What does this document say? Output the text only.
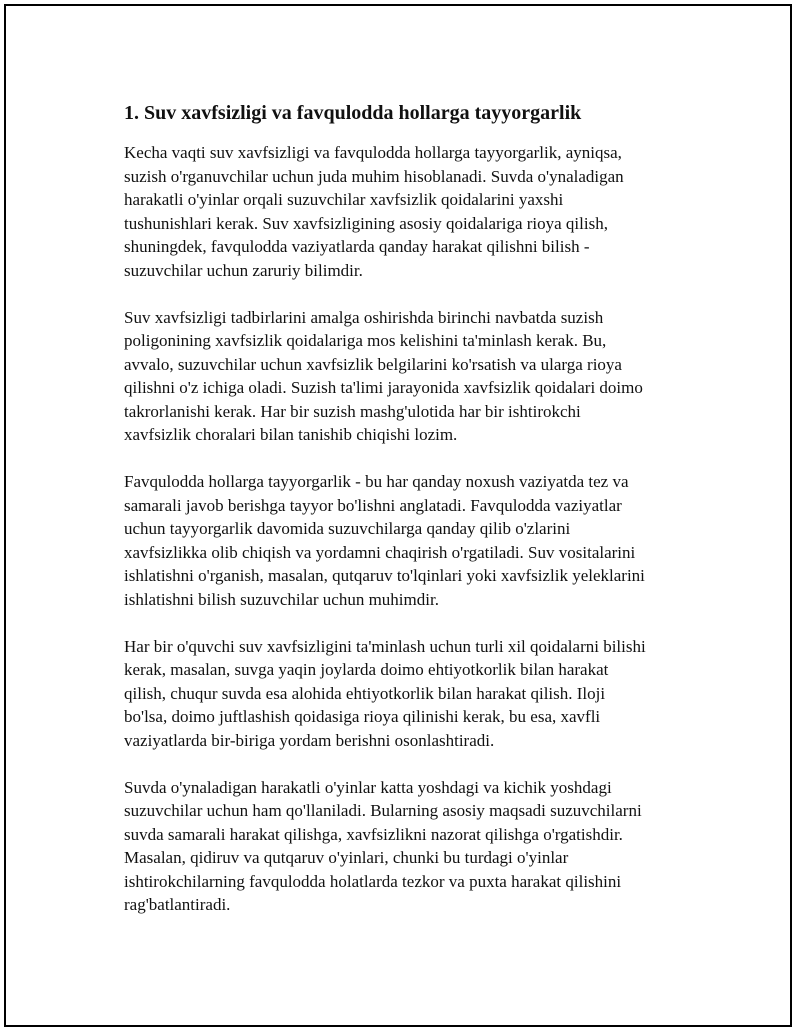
1. Suv xavfsizligi va favqulodda hollarga tayyorgarlik

Kecha vaqti suv xavfsizligi va favqulodda hollarga tayyorgarlik, ayniqsa,
suzish o'rganuvchilar uchun juda muhim hisoblanadi. Suvda o'ynaladigan
harakatli o'yinlar orqali suzuvchilar xavfsizlik qoidalarini yaxshi
tushunishlari kerak. Suv xavfsizligining asosiy qoidalariga rioya qilish,
shuningdek, favqulodda vaziyatlarda qanday harakat qilishni bilish -
suzuvchilar uchun zaruriy bilimdir.

Suv xavfsizligi tadbirlarini amalga oshirishda birinchi navbatda suzish
poligonining xavfsizlik qoidalariga mos kelishini ta'minlash kerak. Bu,
avvalo, suzuvchilar uchun xavfsizlik belgilarini ko'rsatish va ularga rioya
qilishni o'z ichiga oladi. Suzish ta'limi jarayonida xavfsizlik qoidalari doimo
takrorlanishi kerak. Har bir suzish mashg'ulotida har bir ishtirokchi
xavfsizlik choralari bilan tanishib chiqishi lozim.

Favqulodda hollarga tayyorgarlik - bu har qanday noxush vaziyatda tez va
samarali javob berishga tayyor bo'lishni anglatadi. Favqulodda vaziyatlar
uchun tayyorgarlik davomida suzuvchilarga qanday qilib o'zlarini
xavfsizlikka olib chiqish va yordamni chaqirish o'rgatiladi. Suv vositalarini
ishlatishni o'rganish, masalan, qutqaruv to'lqinlari yoki xavfsizlik yeleklarini
ishlatishni bilish suzuvchilar uchun muhimdir.

Har bir o'quvchi suv xavfsizligini ta'minlash uchun turli xil qoidalarni bilishi
kerak, masalan, suvga yaqin joylarda doimo ehtiyotkorlik bilan harakat
qilish, chuqur suvda esa alohida ehtiyotkorlik bilan harakat qilish. Iloji
bo'lsa, doimo juftlashish qoidasiga rioya qilinishi kerak, bu esa, xavfli
vaziyatlarda bir-biriga yordam berishni osonlashtiradi.

Suvda o'ynaladigan harakatli o'yinlar katta yoshdagi va kichik yoshdagi
suzuvchilar uchun ham qo'llaniladi. Bularning asosiy maqsadi suzuvchilarni
suvda samarali harakat qilishga, xavfsizlikni nazorat qilishga o'rgatishdir.
Masalan, qidiruv va qutqaruv o'yinlari, chunki bu turdagi o'yinlar
ishtirokchilarning favqulodda holatlarda tezkor va puxta harakat qilishini
rag'batlantiradi.
